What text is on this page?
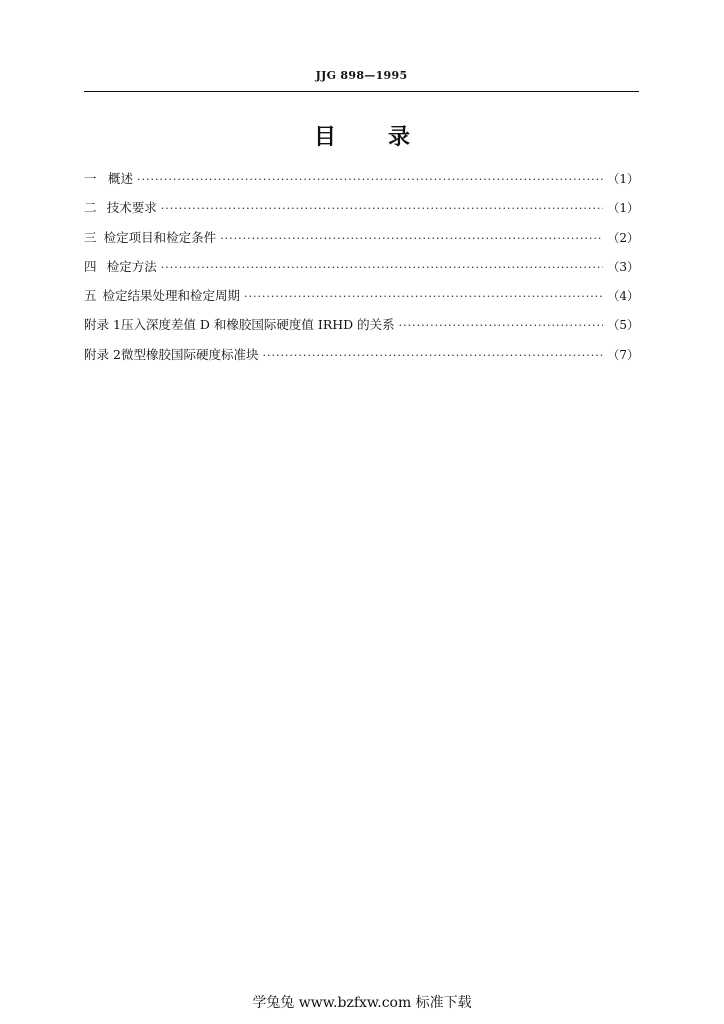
JJG 898—1995
目 录
一 概述 ·····	（1）
二 技术要求 ·····	（1）
三 检定项目和检定条件 ·····	（2）
四 检定方法 ·····	（3）
五 检定结果处理和检定周期 ·····	（4）
附录 1 压入深度差值 D 和橡胶国际硬度值 IRHD 的关系 ·····	（5）
附录 2 微型橡胶国际硬度标准块 ·····	（7）
学兔兔 www.bzfxw.com 标准下载
